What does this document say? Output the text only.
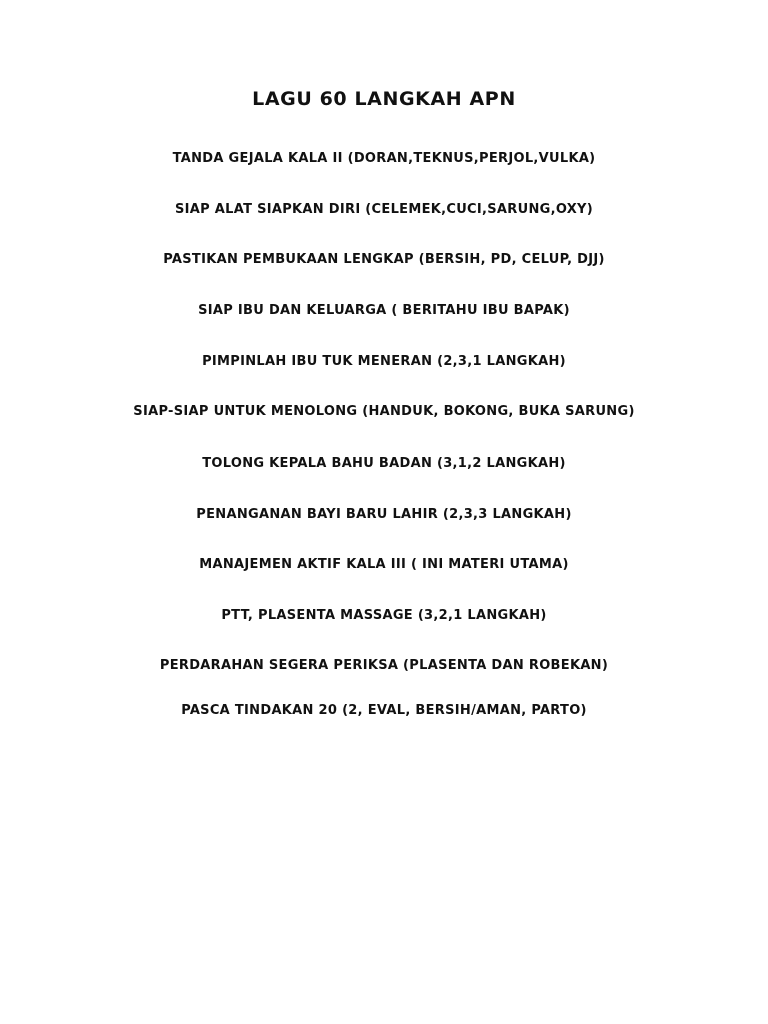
LAGU 60 LANGKAH APN
TANDA GEJALA KALA II (DORAN,TEKNUS,PERJOL,VULKA)
SIAP ALAT SIAPKAN DIRI (CELEMEK,CUCI,SARUNG,OXY)
PASTIKAN PEMBUKAAN LENGKAP (BERSIH, PD, CELUP, DJJ)
SIAP IBU DAN KELUARGA ( BERITAHU IBU BAPAK)
PIMPINLAH IBU TUK MENERAN (2,3,1 LANGKAH)
SIAP-SIAP UNTUK MENOLONG (HANDUK, BOKONG, BUKA SARUNG)
TOLONG KEPALA BAHU BADAN (3,1,2 LANGKAH)
PENANGANAN BAYI BARU LAHIR (2,3,3 LANGKAH)
MANAJEMEN AKTIF KALA III ( INI MATERI UTAMA)
PTT, PLASENTA MASSAGE (3,2,1 LANGKAH)
PERDARAHAN SEGERA PERIKSA (PLASENTA DAN ROBEKAN)
PASCA TINDAKAN 20 (2, EVAL, BERSIH/AMAN, PARTO)
